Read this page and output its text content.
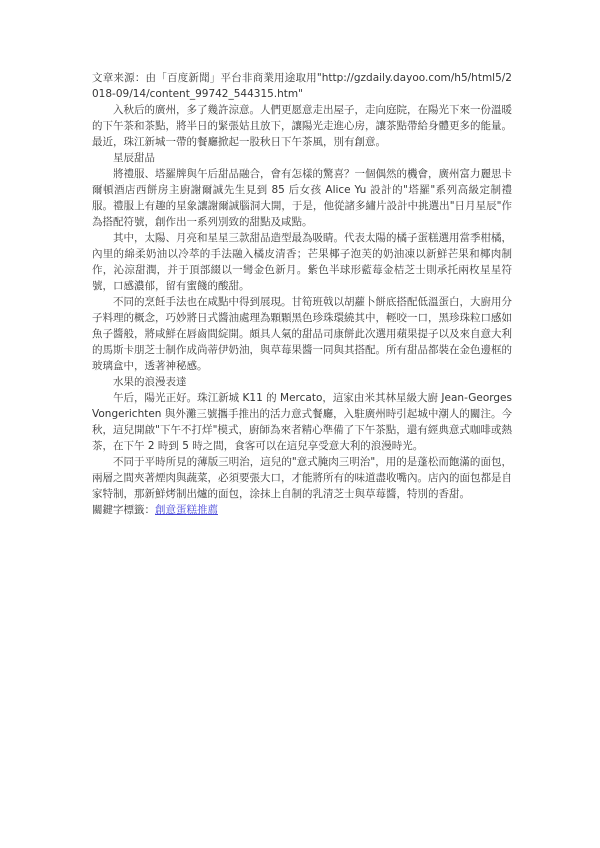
文章来源：由「百度新聞」平台非商業用途取用"http://gzdaily.dayoo.com/h5/html5/2018-09/14/content_99742_544315.htm"

入秋后的廣州，多了幾許涼意。人們更愿意走出屋子，走向庭院，在陽光下來一份溫暖的下午茶和茶點，將半日的緊張姑且放下，讓陽光走進心房，讓茶點帶給身體更多的能量。最近，珠江新城一帶的餐廳掀起一股秋日下午茶風，別有創意。

星辰甜品

將禮服、塔羅牌與午后甜品融合，會有怎樣的驚喜？一個偶然的機會，廣州富力麗思卡爾頓酒店西餅房主廚謝爾誠先生見到 85 后女孩 Alice Yu 設計的"塔羅"系列高級定制禮服。禮服上有趣的星象讓謝爾誠腦洞大開，于是，他從諸多繡片設計中挑選出"日月星辰"作為搭配符號，創作出一系列別致的甜點及咸點。

其中，太陽、月亮和星星三款甜品造型最為吸睛。代表太陽的橘子蛋糕選用當季柑橘，內里的綿柔奶油以冷萃的手法融入橘皮清香；芒果椰子泡芙的奶油凍以新鮮芒果和椰肉制作，沁涼甜潤，并于頂部綴以一彎金色新月。紫色半球形藍莓金桔芝士則承托兩枚星星符號，口感濃郁，留有蜜餞的酸甜。

不同的烹飪手法也在咸點中得到展現。甘筍班戟以胡蘿卜餅底搭配低溫蛋白，大廚用分子料理的概念，巧妙將日式醬油處理為顆顆黑色珍珠環繞其中，輕咬一口，黑珍珠粒口感如魚子醬般，將咸鮮在唇齒間綻開。頗具人氣的甜品司康餅此次選用蘋果提子以及來自意大利的馬斯卡朋芝士制作成尚蒂伊奶油，與草莓果醬一同與其搭配。所有甜品都裝在金色邊框的玻璃盒中，透著神秘感。

水果的浪漫表達

午后，陽光正好。珠江新城 K11 的 Mercato，這家由米其林星級大廚 Jean-Georges Vongerichten 與外灘三號攜手推出的活力意式餐廳，入駐廣州時引起城中潮人的關注。今秋，這兒開啟"下午不打烊"模式，廚師為來者精心準備了下午茶點，還有經典意式咖啡或熱茶，在下午 2 時到 5 時之間，食客可以在這兒享受意大利的浪漫時光。

不同于平時所見的薄版三明治，這兒的"意式腌肉三明治"，用的是蓬松而飽滿的面包，兩層之間夾著煙肉與蔬菜，必須要張大口，才能將所有的味道盡收嘴內。店內的面包都是自家特制，那新鮮烤制出爐的面包，涂抹上自制的乳清芝士與草莓醬，特別的香甜。

關鍵字標籤：創意蛋糕推薦
